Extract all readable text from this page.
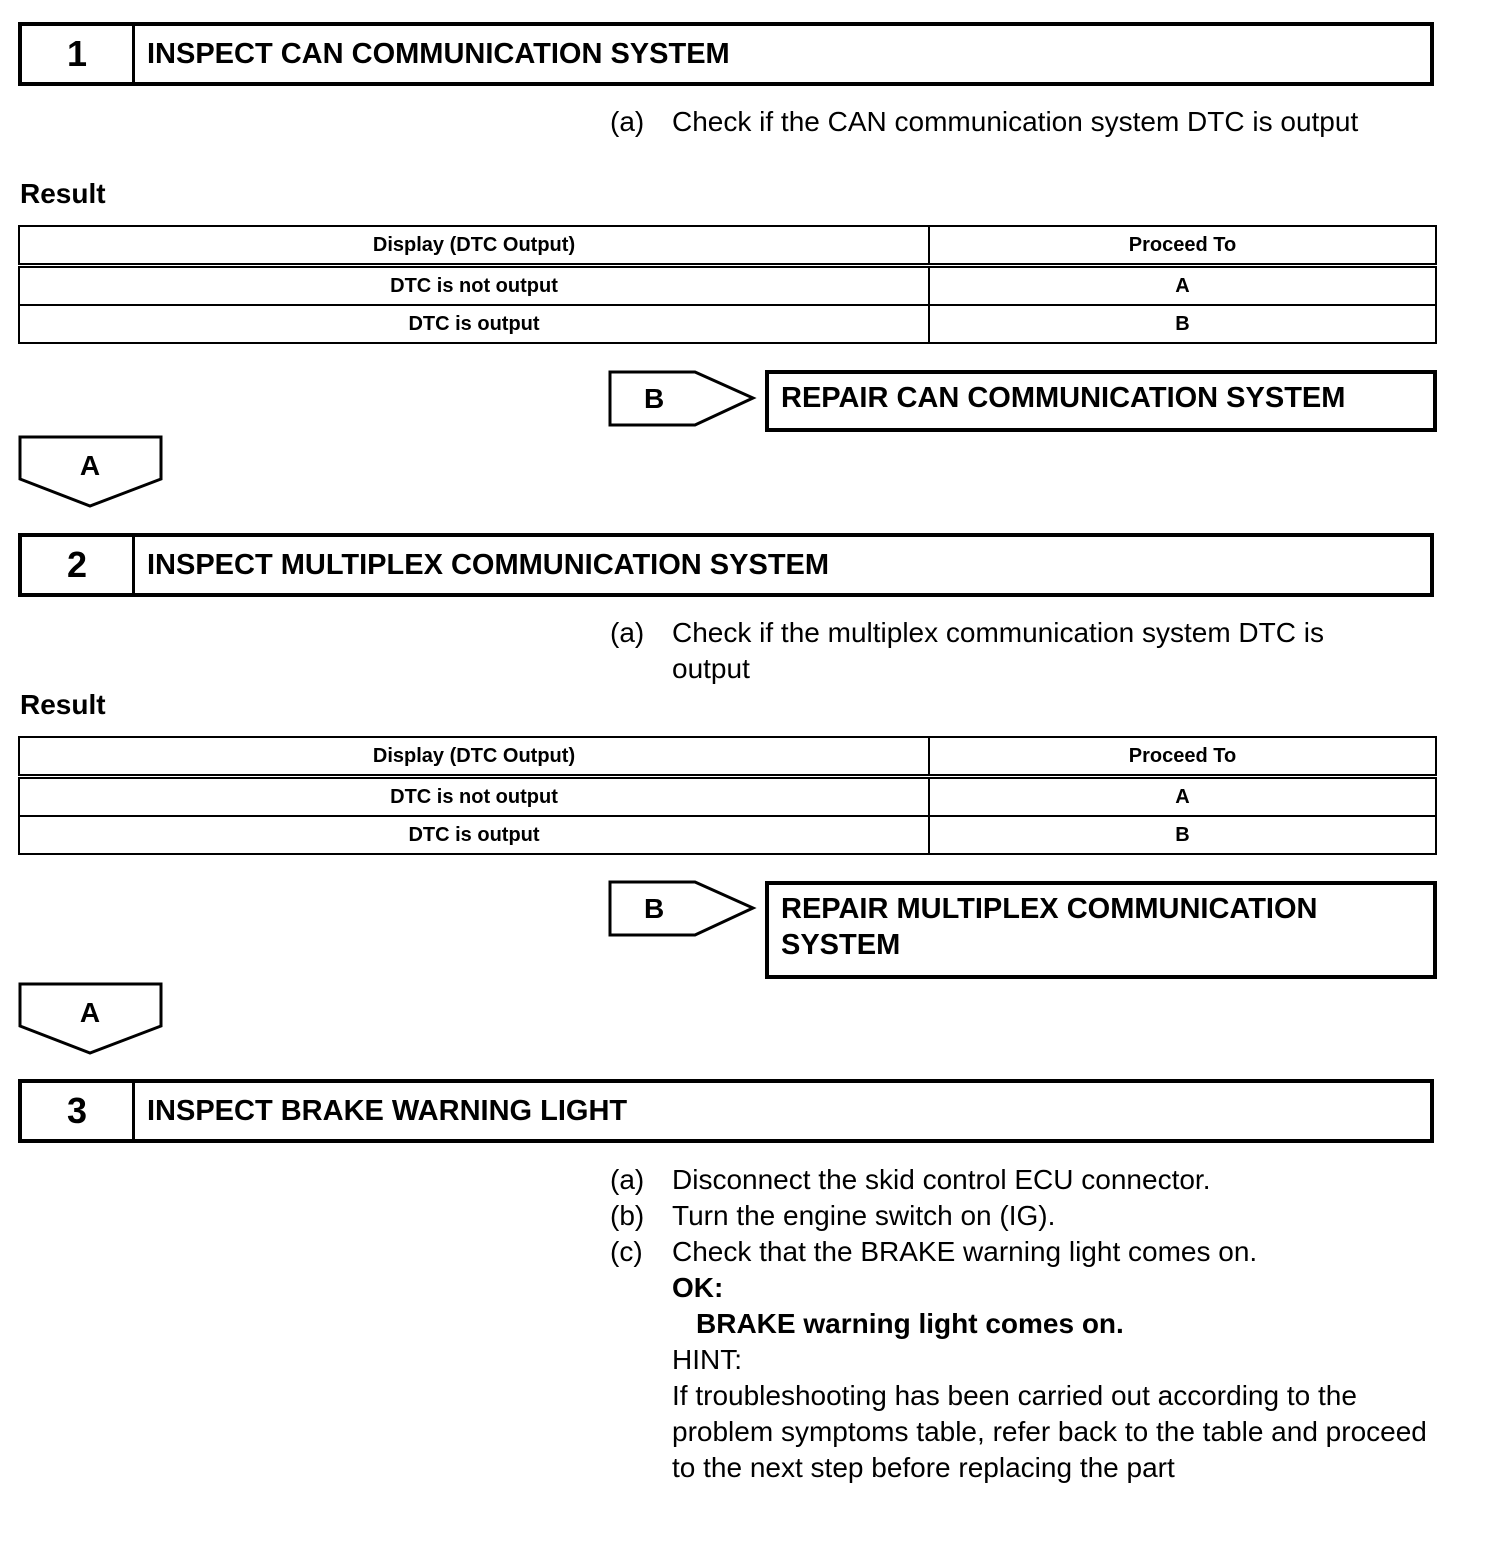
1	INSPECT CAN COMMUNICATION SYSTEM
(a) Check if the CAN communication system DTC is output
Result
Display (DTC Output)	Proceed To
DTC is not output	A
DTC is output	B
B	REPAIR CAN COMMUNICATION SYSTEM
A
2	INSPECT MULTIPLEX COMMUNICATION SYSTEM
(a) Check if the multiplex communication system DTC is output
Result
Display (DTC Output)	Proceed To
DTC is not output	A
DTC is output	B
B	REPAIR MULTIPLEX COMMUNICATION SYSTEM
A
3	INSPECT BRAKE WARNING LIGHT
(a) Disconnect the skid control ECU connector.
(b) Turn the engine switch on (IG).
(c)	Check that the BRAKE warning light comes on.
OK:
BRAKE warning light comes on.
HINT:
If troubleshooting has been carried out according to the problem symptoms table, refer back to the table and proceed to the next step before replacing the part
